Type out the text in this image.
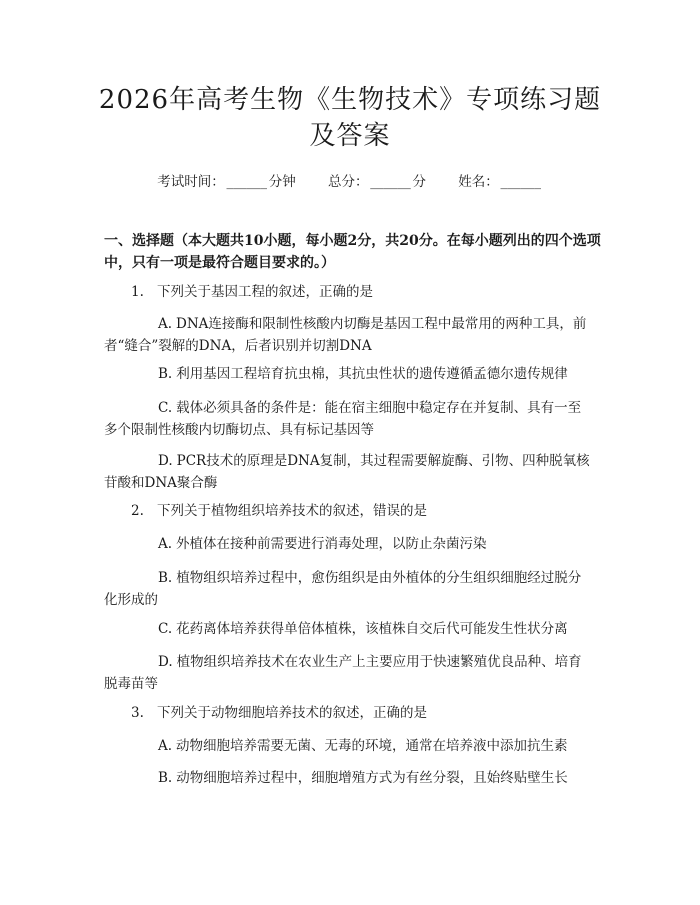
2026年高考生物《生物技术》专项练习题及答案
考试时间： ______ 分钟 总分： ______ 分 姓名： ______
一、选择题（本大题共10小题，每小题2分，共20分。在每小题列出的四个选项中，只有一项是最符合题目要求的。）
1. 下列关于基因工程的叙述，正确的是
A. DNA连接酶和限制性核酸内切酶是基因工程中最常用的两种工具，前
者“缝合”裂解的DNA，后者识别并切割DNA
B. 利用基因工程培育抗虫棉，其抗虫性状的遗传遵循孟德尔遗传规律
C. 载体必须具备的条件是：能在宿主细胞中稳定存在并复制、具有一至
多个限制性核酸内切酶切点、具有标记基因等
D. PCR技术的原理是DNA复制，其过程需要解旋酶、引物、四种脱氧核
苷酸和DNA聚合酶
2. 下列关于植物组织培养技术的叙述，错误的是
A. 外植体在接种前需要进行消毒处理，以防止杂菌污染
B. 植物组织培养过程中，愈伤组织是由外植体的分生组织细胞经过脱分
化形成的
C. 花药离体培养获得单倍体植株，该植株自交后代可能发生性状分离
D. 植物组织培养技术在农业生产上主要应用于快速繁殖优良品种、培育
脱毒苗等
3. 下列关于动物细胞培养技术的叙述，正确的是
A. 动物细胞培养需要无菌、无毒的环境，通常在培养液中添加抗生素
B. 动物细胞培养过程中，细胞增殖方式为有丝分裂，且始终贴壁生长
